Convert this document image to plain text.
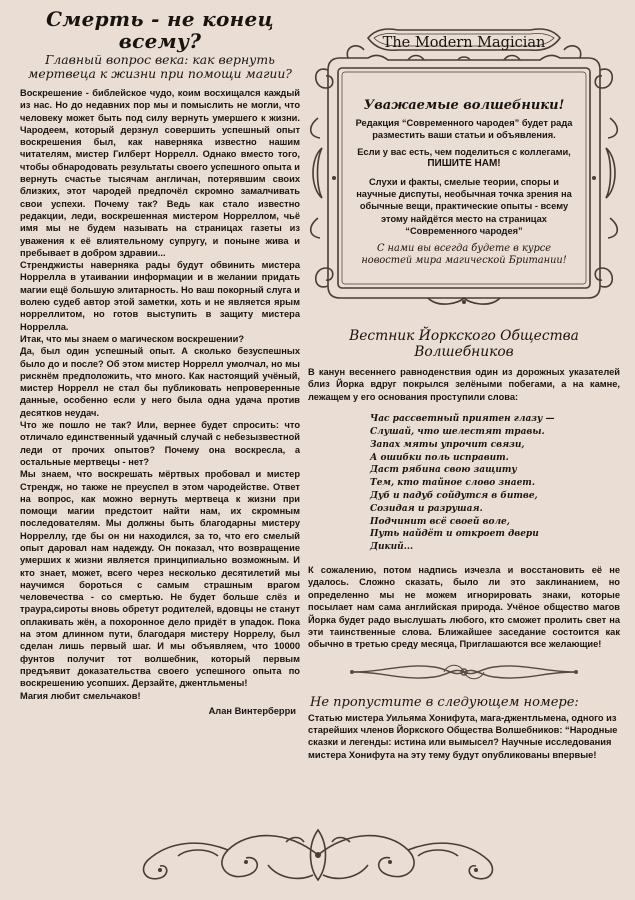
Смерть - не конец всему?
Главный вопрос века: как вернуть мертвеца к жизни при помощи магии?

Воскрешение - библейское чудо, коим восхищался каждый из нас. Но до недавних пор мы и помыслить не могли, что человеку может быть под силу вернуть умершего к жизни. Чародеем, который дерзнул совершить успешный опыт воскрешения был, как наверняка известно нашим читателям, мистер Гилберт Норрелл. Однако вместо того, чтобы обнародовать результаты своего успешного опыта и вернуть счастье тысячам англичан, потерявшим своих близких, этот чародей предпочёл скромно замалчивать свои успехи. Почему так? Ведь как стало известно редакции, леди, воскрешенная мистером Норреллом, чьё имя мы не будем называть на страницах газеты из уважения к её влиятельному супругу, и поныне жива и пребывает в добром здравии...

Стренджисты наверняка рады будут обвинить мистера Норрелла в утаивании информации и в желании придать магии ещё большую элитарность. Но ваш покорный слуга и волею судеб автор этой заметки, хоть и не является ярым норреллитом, но готов выступить в защиту мистера Норрелла.

Итак, что мы знаем о магическом воскрешении?

Да, был один успешный опыт. А сколько безуспешных было до и после? Об этом мистер Норрелл умолчал, но мы рискнём предположить, что много. Как настоящий учёный, мистер Норрелл не стал бы публиковать непроверенные данные, особенно если у него была одна удача против десятков неудач.

Что же пошло не так? Или, вернее будет спросить: что отличало единственный удачный случай с небезызвестной леди от прочих опытов? Почему она воскресла, а остальные мертвецы - нет?

Мы знаем, что воскрешать мёртвых пробовал и мистер Стрендж, но также не преуспел в этом чародействе. Ответ на вопрос, как можно вернуть мертвеца к жизни при помощи магии предстоит найти нам, их скромным последователям. Мы должны быть благодарны мистеру Норреллу, где бы он ни находился, за то, что его смелый опыт даровал нам надежду. Он показал, что возвращение умерших к жизни является принципиально возможным. И кто знает, может, всего через несколько десятилетий мы научимся бороться с самым страшным врагом человечества - со смертью. Не будет больше слёз и траура,сироты вновь обретут родителей, вдовцы не станут оплакивать жён, а похоронное дело придёт в упадок. Пока на этом длинном пути, благодаря мистеру Норрелу, был сделан лишь первый шаг. И мы объявляем, что 10000 фунтов получит тот волшебник, который первым предъявит доказательства своего успешного опыта по воскрешению усопших. Дерзайте, джентльмены!

Магия любит смельчаков!

Алан Винтерберри
The Modern Magician
Уважаемые волшебники!

Редакция “Современного чародея” будет рада разместить ваши статьи и объявления.

Если у вас есть, чем поделиться с коллегами,

ПИШИТЕ НАМ!

Слухи и факты, смелые теории, споры и научные диспуты, необычная точка зрения на обычные вещи, практические опыты - всему этому найдётся место на страницах “Современного чародея”

С нами вы всегда будете в курсе новостей мира магической Британии!
Вестник Йоркского Общества Волшебников

В канун весеннего равноденствия один из дорожных указателей близ Йорка вдруг покрылся зелёными побегами, а на камне, лежащем у его основания проступили слова:

Час рассветный приятен глазу —
Слушай, что шелестят травы.
Запах мяты упрочит связи,
А ошибки поль исправит.
Даст рябина свою защиту
Тем, кто тайное слово знает.
Дуб и падуб сойдутся в битве,
Созидая и разрушая.
Подчинит всё своей воле,
Путь найдёт и откроет двери
Дикий...

К сожалению, потом надпись изчезла и восстановить её не удалось. Сложно сказать, было ли это заклинанием, но определенно мы не можем игнорировать знаки, которые посылает нам сама английская природа. Учёное общество магов Йорка будет радо выслушать любого, кто сможет пролить свет на эти таинственные слова. Ближайшее заседание состоится как обычно в третью среду месяца, Приглашаются все желающие!

Не пропустите в следующем номере:

Статью мистера Уильяма Хонифута, мага-джентльмена, одного из старейших членов Йоркского Общества Волшебников: “Народные сказки и легенды: истина или вымысел? Научные исследования мистера Хонифута на эту тему будут опубликованы впервые!
